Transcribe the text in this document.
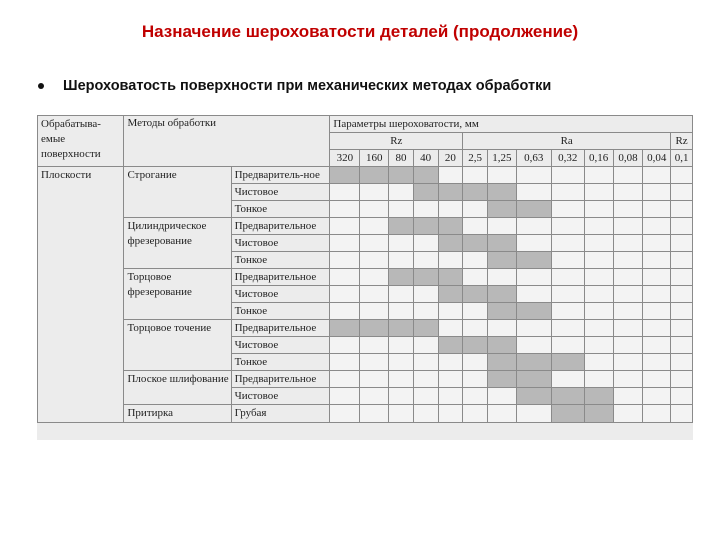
Назначение шероховатости деталей (продолжение)
Шероховатость поверхности при механических методах обработки
Обрабатыва-емые поверхности	Методы обработки		Параметры шероховатости, мм												
			Rz					Ra							Rz
			320	160	80	40	20	2,5	1,25	0,63	0,32	0,16	0,08	0,04	0,1
Плоскости	Строгание	Предваритель-ное													
		Чистовое													
		Тонкое													
	Цилиндрическое фрезерование	Предварительное													
		Чистовое													
		Тонкое													
	Торцовое фрезерование	Предварительное													
		Чистовое													
		Тонкое													
	Торцовое точение	Предварительное													
		Чистовое													
		Тонкое													
	Плоское шлифование	Предварительное													
		Чистовое													
	Притирка	Грубая													
